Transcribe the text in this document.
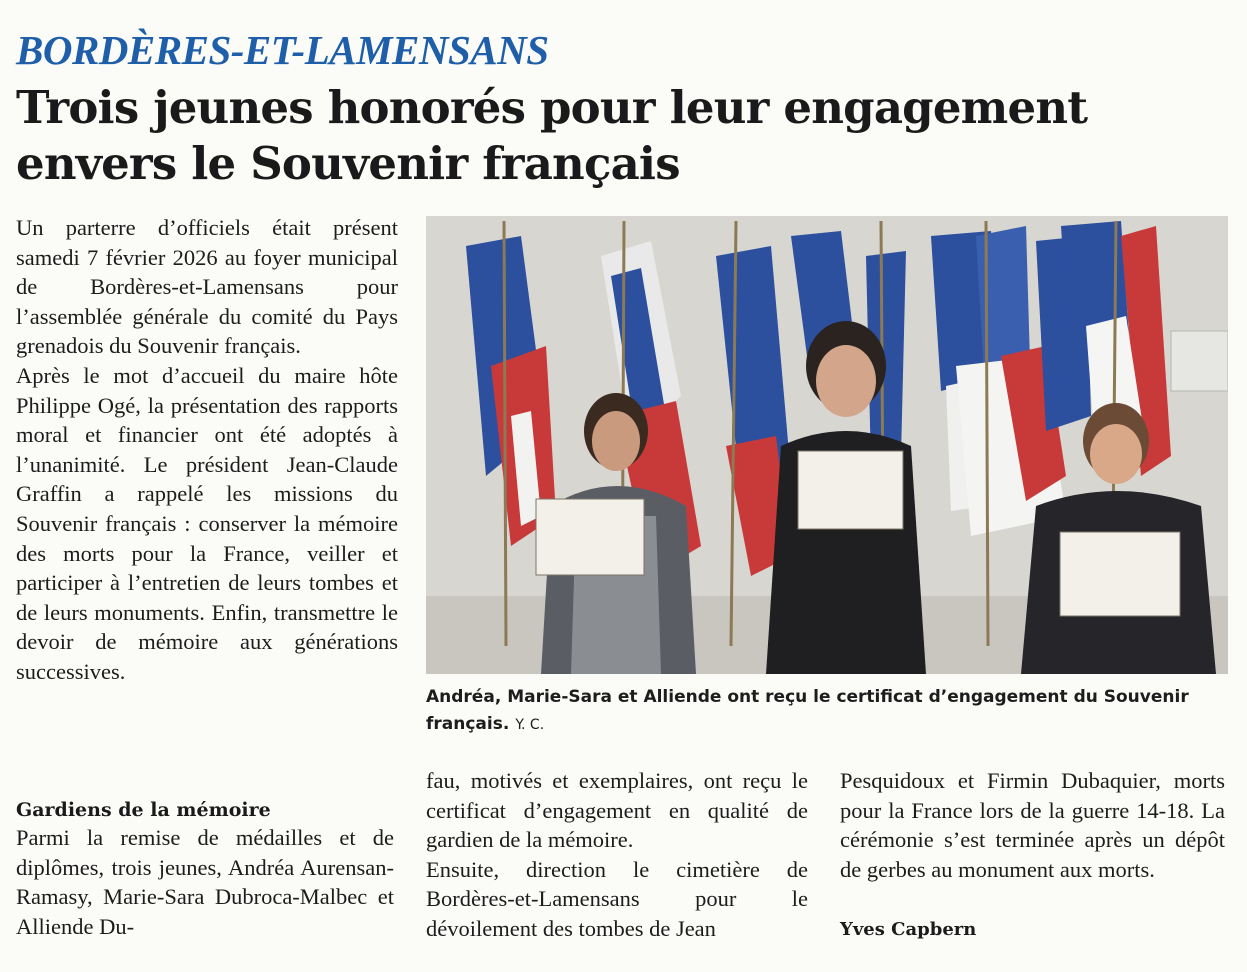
BORDÈRES-ET-LAMENSANS
Trois jeunes honorés pour leur engagement
envers le Souvenir français

Un parterre d’officiels était présent samedi 7 février 2026 au foyer municipal de Bordères-et-Lamensans pour l’assemblée générale du comité du Pays grenadois du Souvenir français.

Après le mot d’accueil du maire hôte Philippe Ogé, la présentation des rapports moral et financier ont été adoptés à l’unanimité. Le président Jean-Claude Graffin a rappelé les missions du Souvenir français : conserver la mémoire des morts pour la France, veiller et participer à l’entretien de leurs tombes et de leurs monuments. Enfin, transmettre le devoir de mémoire aux générations successives.

Gardiens de la mémoire

Parmi la remise de médailles et de diplômes, trois jeunes, Andréa Aurensan-Ramasy, Marie-Sara Dubroca-Malbec et Alliende Du-

fau, motivés et exemplaires, ont reçu le certificat d’engagement en qualité de gardien de la mémoire.

Ensuite, direction le cimetière de Bordères-et-Lamensans pour le dévoilement des tombes de Jean

Pesquidoux et Firmin Dubaquier, morts pour la France lors de la guerre 14-18. La cérémonie s’est terminée après un dépôt de gerbes au monument aux morts.

Yves Capbern
Andréa, Marie-Sara et Alliende ont reçu le certificat d’engagement du Souvenir français. Y. C.
